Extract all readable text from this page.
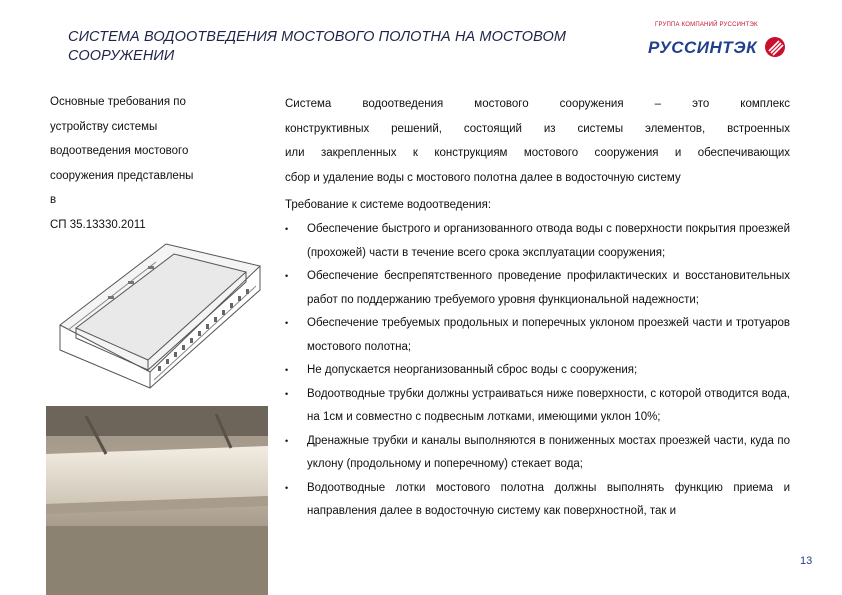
СИСТЕМА ВОДООТВЕДЕНИЯ МОСТОВОГО ПОЛОТНА НА МОСТОВОМ СООРУЖЕНИИ
ГРУППА КОМПАНИЙ РУССИНТЭК
РУССИНТЭК
Основные требования по
устройству системы
водоотведения мостового
сооружения представлены
в
СП 35.13330.2011
Система водоотведения мостового сооружения – это комплекс
конструктивных решений, состоящий из системы элементов, встроенных
или закрепленных к конструкциям мостового сооружения и обеспечивающих
сбор и удаление воды с мостового полотна далее в водосточную систему
Требование к системе водоотведения:
• Обеспечение быстрого и организованного отвода воды с поверхности покрытия проезжей (прохожей) части в течение всего срока эксплуатации сооружения;
• Обеспечение беспрепятственного проведение профилактических и восстановительных работ по поддержанию требуемого уровня функциональной надежности;
• Обеспечение требуемых продольных и поперечных уклоном проезжей части и тротуаров мостового полотна;
• Не допускается неорганизованный сброс воды с сооружения;
• Водоотводные трубки должны устраиваться ниже поверхности, с которой отводится вода, на 1см и совместно с подвесным лотками, имеющими уклон 10%;
• Дренажные трубки и каналы выполняются в пониженных мостах проезжей части, куда по уклону (продольному и поперечному) стекает вода;
• Водоотводные лотки мостового полотна должны выполнять функцию приема и направления далее в водосточную систему как поверхностной, так и
13
